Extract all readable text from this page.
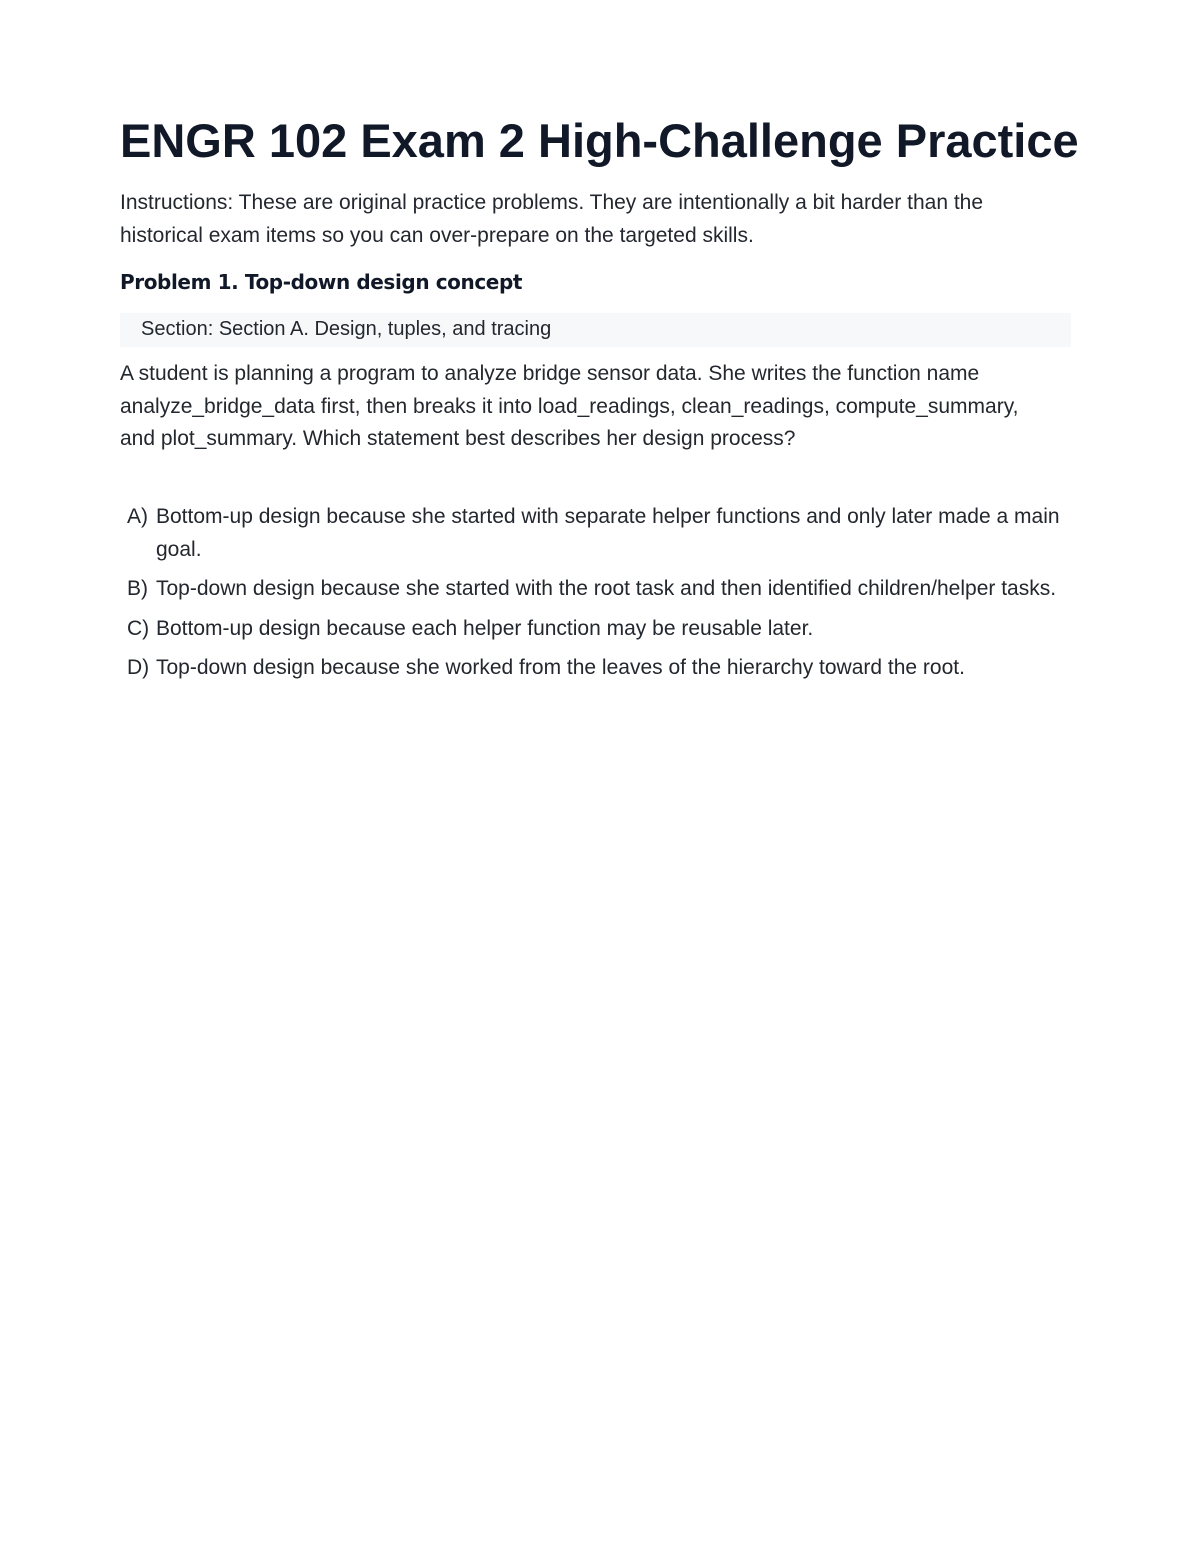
ENGR 102 Exam 2 High-Challenge Practice

Instructions: These are original practice problems. They are intentionally a bit harder than the historical exam items so you can over-prepare on the targeted skills.

Problem 1. Top-down design concept
Section: Section A. Design, tuples, and tracing

A student is planning a program to analyze bridge sensor data. She writes the function name analyze_bridge_data first, then breaks it into load_readings, clean_readings, compute_summary, and plot_summary. Which statement best describes her design process?

A) Bottom-up design because she started with separate helper functions and only later made a main goal.
B) Top-down design because she started with the root task and then identified children/helper tasks.
C) Bottom-up design because each helper function may be reusable later.
D) Top-down design because she worked from the leaves of the hierarchy toward the root.
